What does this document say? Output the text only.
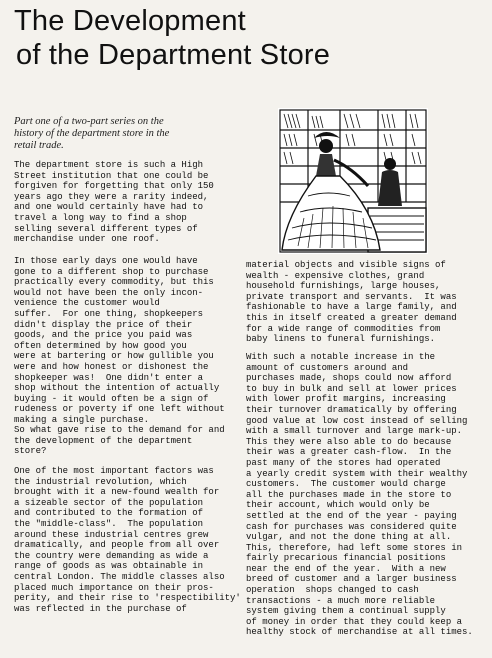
The Development
of the Department Store

Part one of a two-part series on the
history of the department store in the
retail trade.

The department store is such a High
Street institution that one could be
forgiven for forgetting that only 150
years ago they were a rarity indeed,
and one would certainly have had to
travel a long way to find a shop
selling several different types of
merchandise under one roof.

In those early days one would have
gone to a different shop to purchase
practically every commodity, but this
would not have been the only incon-
venience the customer would
suffer.  For one thing, shopkeepers
didn't display the price of their
goods, and the price you paid was
often determined by how good you
were at bartering or how gullible you
were and how honest or dishonest the
shopkeeper was!  One didn't enter a
shop without the intention of actually
buying - it would often be a sign of
rudeness or poverty if one left without
making a single purchase.

So what gave rise to the demand for and
the development of the department
store?

One of the most important factors was
the industrial revolution, which
brought with it a new-found wealth for
a sizeable sector of the population
and contributed to the formation of
the "middle-class".  The population
around these industrial centres grew
dramatically, and people from all over
the country were demanding as wide a
range of goods as was obtainable in
central London. The middle classes also
placed much importance on their pros-
perity, and their rise to 'respectibility'
was reflected in the purchase of

material objects and visible signs of
wealth - expensive clothes, grand
household furnishings, large houses,
private transport and servants.  It was
fashionable to have a large family, and
this in itself created a greater demand
for a wide range of commodities from
baby linens to funeral furnishings.

With such a notable increase in the
amount of customers around and
purchases made, shops could now afford
to buy in bulk and sell at lower prices
with lower profit margins, increasing
their turnover dramatically by offering
good value at low cost instead of selling
with a small turnover and large mark-up.
This they were also able to do because
their was a greater cash-flow.  In the
past many of the stores had operated
a yearly credit system with their wealthy
customers.  The customer would charge
all the purchases made in the store to
their account, which would only be
settled at the end of the year - paying
cash for purchases was considered quite
vulgar, and not the done thing at all.
This, therefore, had left some stores in
fairly precarious financial positions
near the end of the year.  With a new
breed of customer and a larger business
operation  shops changed to cash
transactions - a much more reliable
system giving them a continual supply
of money in order that they could keep a
healthy stock of merchandise at all times.
